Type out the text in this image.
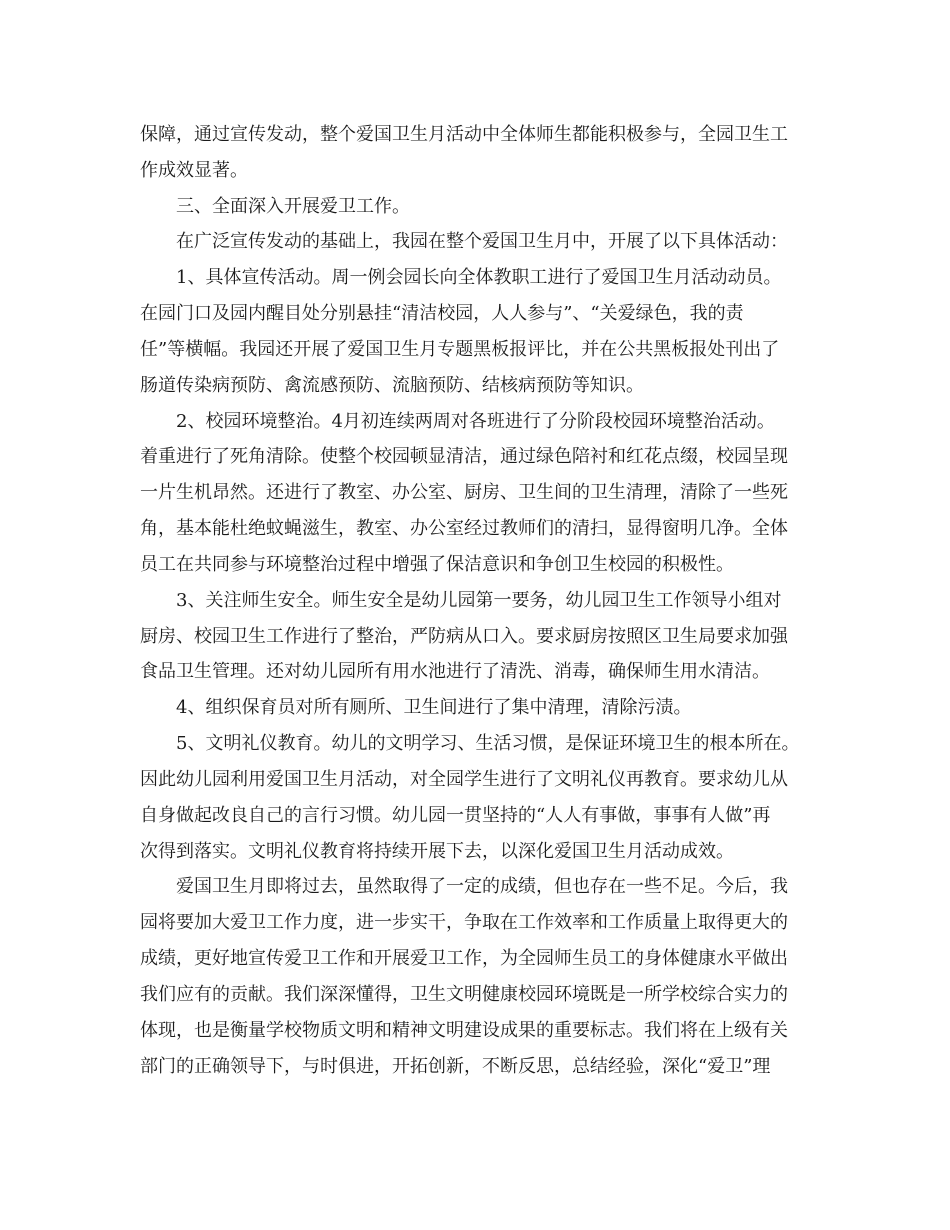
保障，通过宣传发动，整个爱国卫生月活动中全体师生都能积极参与，全园卫生工
作成效显著。
三、全面深入开展爱卫工作。
在广泛宣传发动的基础上，我园在整个爱国卫生月中，开展了以下具体活动：
1、具体宣传活动。周一例会园长向全体教职工进行了爱国卫生月活动动员。
在园门口及园内醒目处分别悬挂“清洁校园，人人参与”、“关爱绿色，我的责
任”等横幅。我园还开展了爱国卫生月专题黑板报评比，并在公共黑板报处刊出了
肠道传染病预防、禽流感预防、流脑预防、结核病预防等知识。
2、校园环境整治。4月初连续两周对各班进行了分阶段校园环境整治活动。
着重进行了死角清除。使整个校园顿显清洁，通过绿色陪衬和红花点缀，校园呈现
一片生机昂然。还进行了教室、办公室、厨房、卫生间的卫生清理，清除了一些死
角，基本能杜绝蚊蝇滋生，教室、办公室经过教师们的清扫，显得窗明几净。全体
员工在共同参与环境整治过程中增强了保洁意识和争创卫生校园的积极性。
3、关注师生安全。师生安全是幼儿园第一要务，幼儿园卫生工作领导小组对
厨房、校园卫生工作进行了整治，严防病从口入。要求厨房按照区卫生局要求加强
食品卫生管理。还对幼儿园所有用水池进行了清洗、消毒，确保师生用水清洁。
4、组织保育员对所有厕所、卫生间进行了集中清理，清除污渍。
5、文明礼仪教育。幼儿的文明学习、生活习惯，是保证环境卫生的根本所在。
因此幼儿园利用爱国卫生月活动，对全园学生进行了文明礼仪再教育。要求幼儿从
自身做起改良自己的言行习惯。幼儿园一贯坚持的“人人有事做，事事有人做”再
次得到落实。文明礼仪教育将持续开展下去，以深化爱国卫生月活动成效。
爱国卫生月即将过去，虽然取得了一定的成绩，但也存在一些不足。今后，我
园将要加大爱卫工作力度，进一步实干，争取在工作效率和工作质量上取得更大的
成绩，更好地宣传爱卫工作和开展爱卫工作，为全园师生员工的身体健康水平做出
我们应有的贡献。我们深深懂得，卫生文明健康校园环境既是一所学校综合实力的
体现，也是衡量学校物质文明和精神文明建设成果的重要标志。我们将在上级有关
部门的正确领导下，与时俱进，开拓创新，不断反思，总结经验，深化“爱卫”理
